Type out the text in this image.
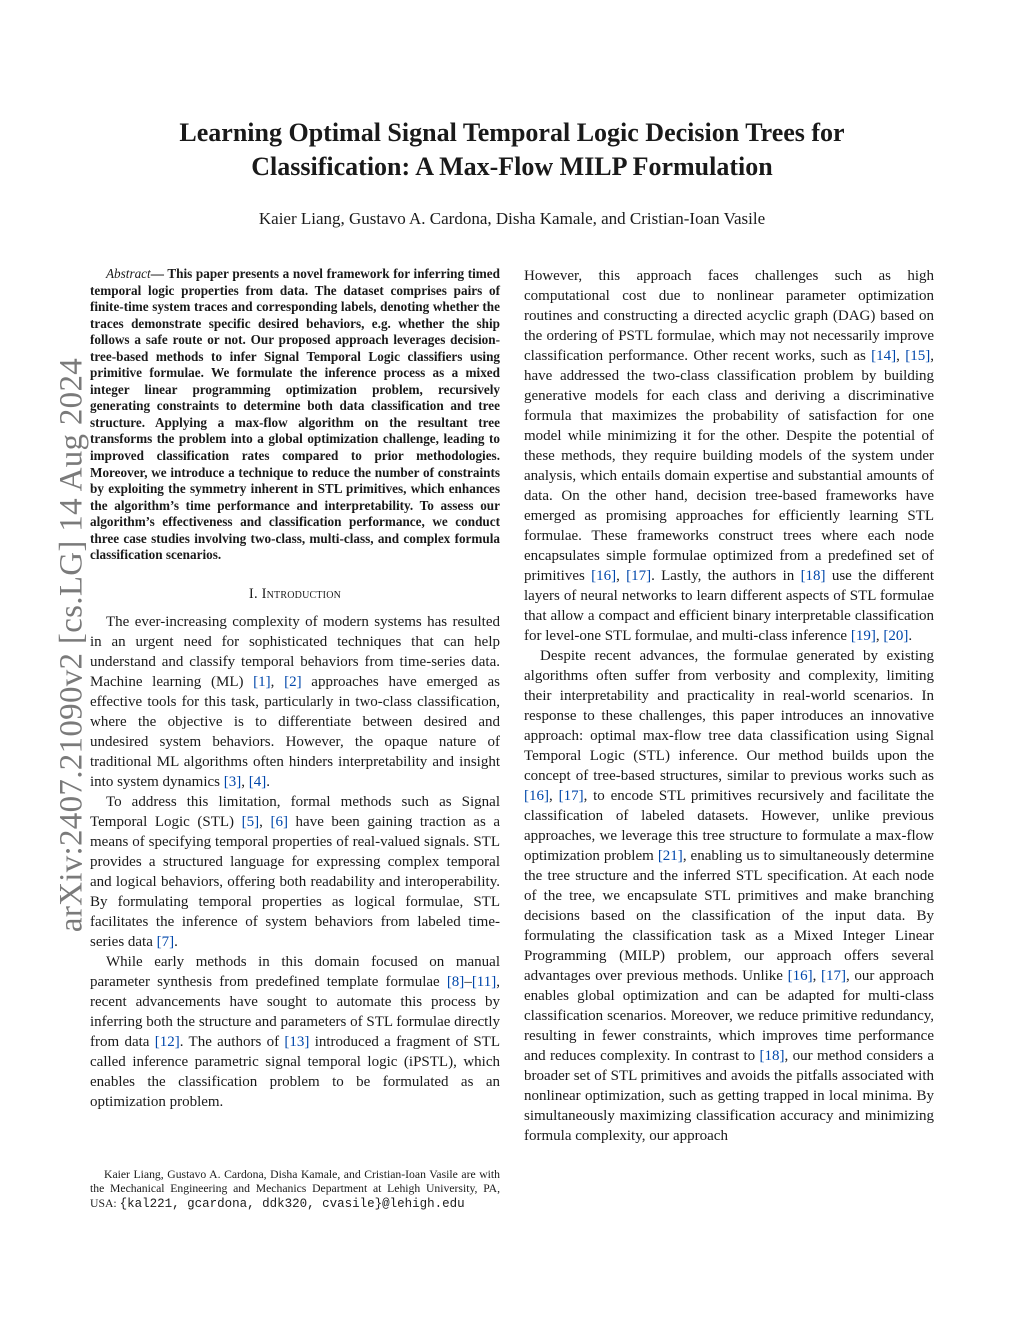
arXiv:2407.21090v2 [cs.LG] 14 Aug 2024
Learning Optimal Signal Temporal Logic Decision Trees for
Classification: A Max-Flow MILP Formulation

Kaier Liang, Gustavo A. Cardona, Disha Kamale, and Cristian-Ioan Vasile

Abstract— This paper presents a novel framework for inferring timed temporal logic properties from data. The dataset comprises pairs of finite-time system traces and corresponding labels, denoting whether the traces demonstrate specific desired behaviors, e.g. whether the ship follows a safe route or not. Our proposed approach leverages decision-tree-based methods to infer Signal Temporal Logic classifiers using primitive formulae. We formulate the inference process as a mixed integer linear programming optimization problem, recursively generating constraints to determine both data classification and tree structure. Applying a max-flow algorithm on the resultant tree transforms the problem into a global optimization challenge, leading to improved classification rates compared to prior methodologies. Moreover, we introduce a technique to reduce the number of constraints by exploiting the symmetry inherent in STL primitives, which enhances the algorithm’s time performance and interpretability. To assess our algorithm’s effectiveness and classification performance, we conduct three case studies involving two-class, multi-class, and complex formula classification scenarios.

I. Introduction

The ever-increasing complexity of modern systems has resulted in an urgent need for sophisticated techniques that can help understand and classify temporal behaviors from time-series data. Machine learning (ML) [1], [2] approaches have emerged as effective tools for this task, particularly in two-class classification, where the objective is to differentiate between desired and undesired system behaviors. However, the opaque nature of traditional ML algorithms often hinders interpretability and insight into system dynamics [3], [4].

To address this limitation, formal methods such as Signal Temporal Logic (STL) [5], [6] have been gaining traction as a means of specifying temporal properties of real-valued signals. STL provides a structured language for expressing complex temporal and logical behaviors, offering both readability and interoperability. By formulating temporal properties as logical formulae, STL facilitates the inference of system behaviors from labeled time-series data [7].

While early methods in this domain focused on manual parameter synthesis from predefined template formulae [8]–[11], recent advancements have sought to automate this process by inferring both the structure and parameters of STL formulae directly from data [12]. The authors of [13] introduced a fragment of STL called inference parametric signal temporal logic (iPSTL), which enables the classification problem to be formulated as an optimization problem.

Kaier Liang, Gustavo A. Cardona, Disha Kamale, and Cristian-Ioan Vasile are with the Mechanical Engineering and Mechanics Department at Lehigh University, PA, USA: {kal221, gcardona, ddk320, cvasile}@lehigh.edu

However, this approach faces challenges such as high computational cost due to nonlinear parameter optimization routines and constructing a directed acyclic graph (DAG) based on the ordering of PSTL formulae, which may not necessarily improve classification performance. Other recent works, such as [14], [15], have addressed the two-class classification problem by building generative models for each class and deriving a discriminative formula that maximizes the probability of satisfaction for one model while minimizing it for the other. Despite the potential of these methods, they require building models of the system under analysis, which entails domain expertise and substantial amounts of data. On the other hand, decision tree-based frameworks have emerged as promising approaches for efficiently learning STL formulae. These frameworks construct trees where each node encapsulates simple formulae optimized from a predefined set of primitives [16], [17]. Lastly, the authors in [18] use the different layers of neural networks to learn different aspects of STL formulae that allow a compact and efficient binary interpretable classification for level-one STL formulae, and multi-class inference [19], [20].

Despite recent advances, the formulae generated by existing algorithms often suffer from verbosity and complexity, limiting their interpretability and practicality in real-world scenarios. In response to these challenges, this paper introduces an innovative approach: optimal max-flow tree data classification using Signal Temporal Logic (STL) inference. Our method builds upon the concept of tree-based structures, similar to previous works such as [16], [17], to encode STL primitives recursively and facilitate the classification of labeled datasets. However, unlike previous approaches, we leverage this tree structure to formulate a max-flow optimization problem [21], enabling us to simultaneously determine the tree structure and the inferred STL specification. At each node of the tree, we encapsulate STL primitives and make branching decisions based on the classification of the input data. By formulating the classification task as a Mixed Integer Linear Programming (MILP) problem, our approach offers several advantages over previous methods. Unlike [16], [17], our approach enables global optimization and can be adapted for multi-class classification scenarios. Moreover, we reduce primitive redundancy, resulting in fewer constraints, which improves time performance and reduces complexity. In contrast to [18], our method considers a broader set of STL primitives and avoids the pitfalls associated with nonlinear optimization, such as getting trapped in local minima. By simultaneously maximizing classification accuracy and minimizing formula complexity, our approach
